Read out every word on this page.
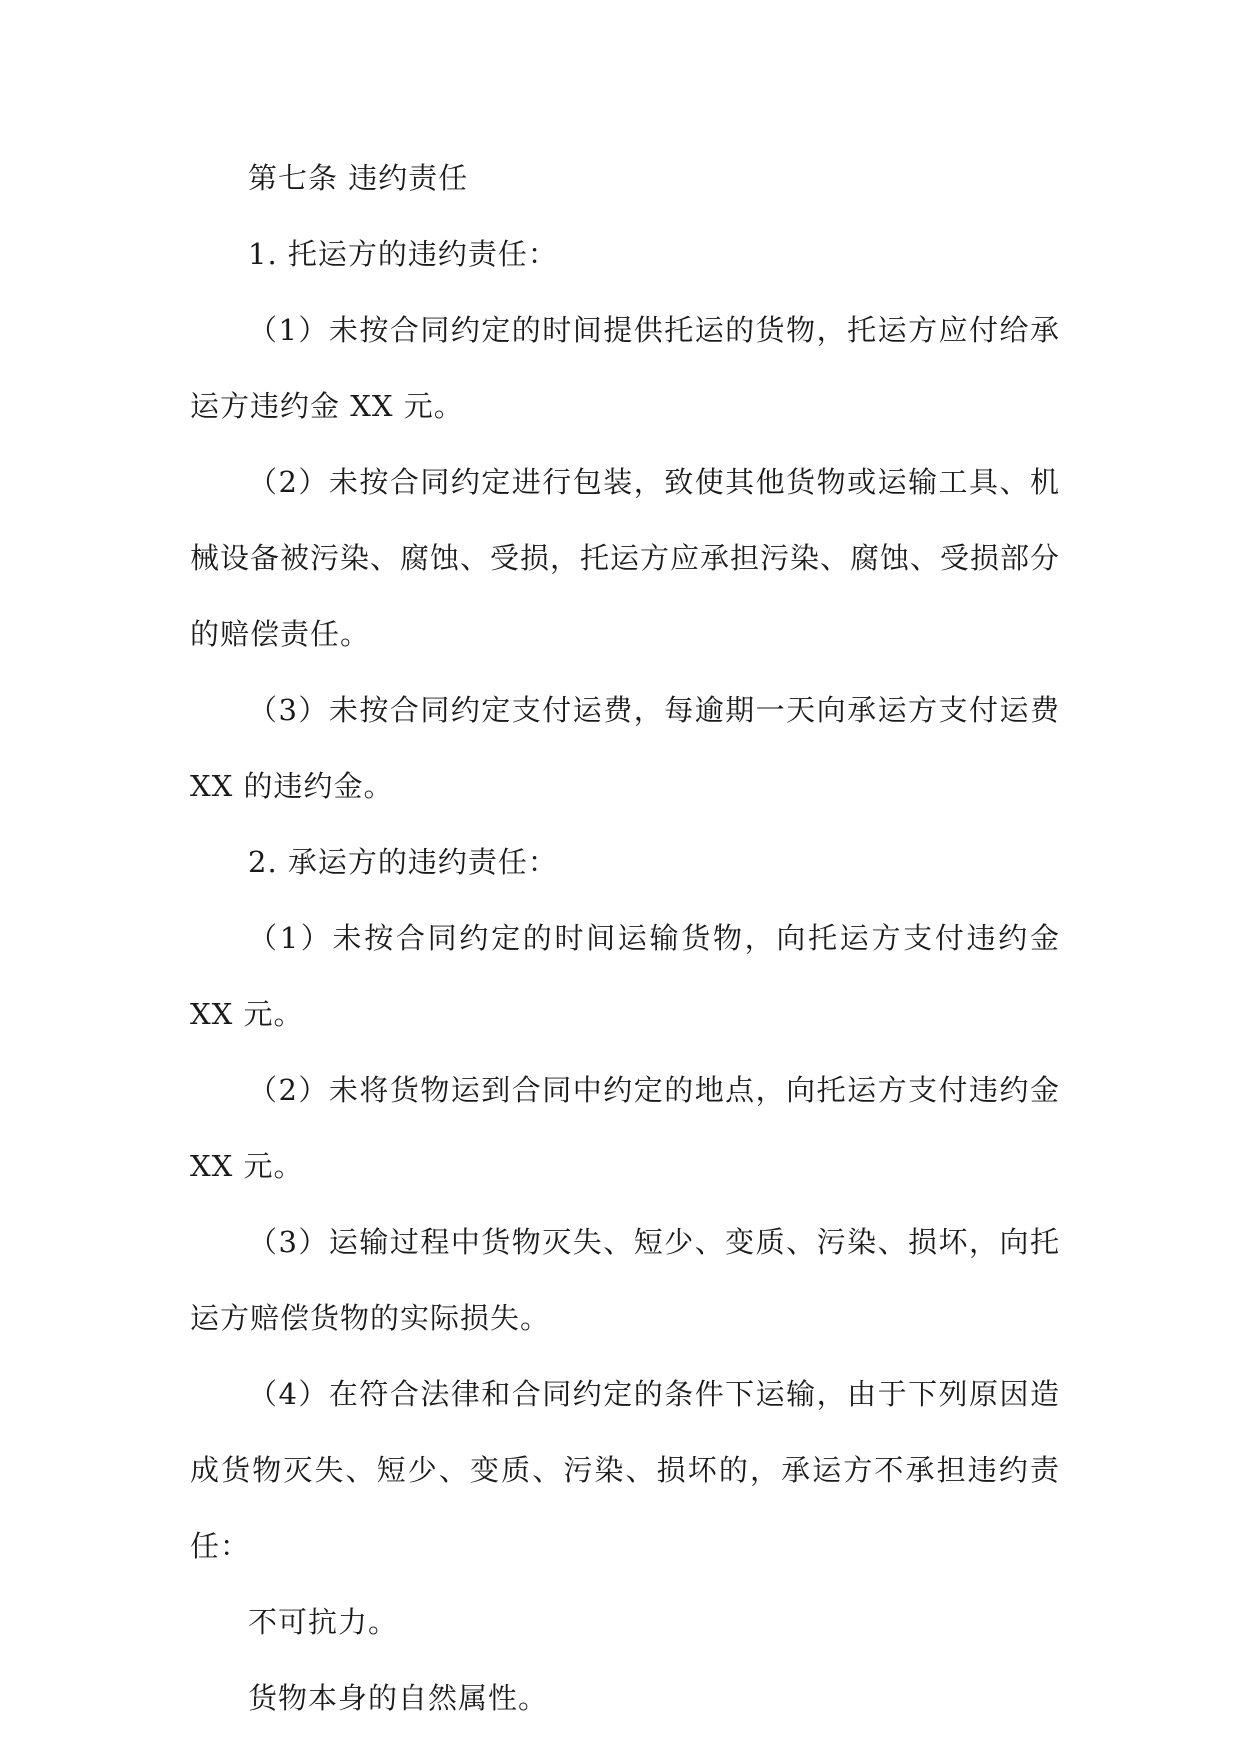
第七条 违约责任

1. 托运方的违约责任：

（1）未按合同约定的时间提供托运的货物，托运方应付给承运方违约金 XX 元。

（2）未按合同约定进行包装，致使其他货物或运输工具、机械设备被污染、腐蚀、受损，托运方应承担污染、腐蚀、受损部分的赔偿责任。

（3）未按合同约定支付运费，每逾期一天向承运方支付运费 XX 的违约金。

2. 承运方的违约责任：

（1）未按合同约定的时间运输货物，向托运方支付违约金 XX 元。

（2）未将货物运到合同中约定的地点，向托运方支付违约金 XX 元。

（3）运输过程中货物灭失、短少、变质、污染、损坏，向托运方赔偿货物的实际损失。

（4）在符合法律和合同约定的条件下运输，由于下列原因造成货物灭失、短少、变质、污染、损坏的，承运方不承担违约责任：

不可抗力。

货物本身的自然属性。
